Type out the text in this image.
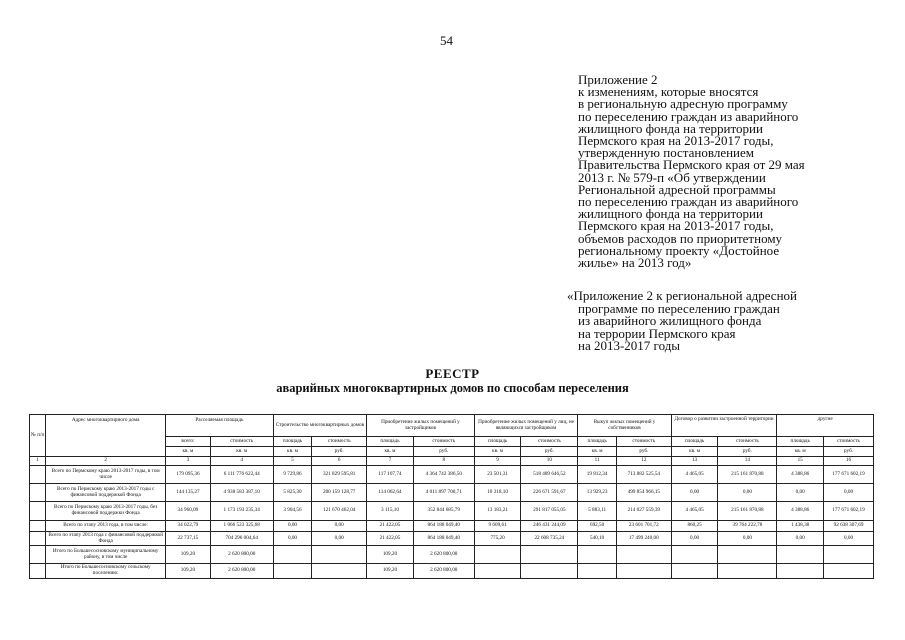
54
Приложение 2
к изменениям, которые вносятся
в региональную адресную программу
по переселению граждан из аварийного
жилищного фонда на территории
Пермского края на 2013-2017 годы,
утвержденную постановлением
Правительства Пермского края от 29 мая
2013 г. № 579-п «Об утверждении
Региональной адресной программы
по переселению граждан из аварийного
жилищного фонда на территории
Пермского края на 2013-2017 годы,
объемов расходов по приоритетному
региональному проекту «Достойное
жилье» на 2013 год»
«Приложение 2 к региональной адресной
программе по переселению граждан
из аварийного жилищного фонда
на террории Пермского края
на 2013-2017 годы
РЕЕСТР
аварийных многоквартирных домов по способам переселения
№ п/п	Адрес многоквартирного дома	Расселяемая площадь		Строительство многоквартирных домов		Приобретение жилых помещений у застройщиков		Приобретение жилых помещений у лиц, не являющихся застройщиком		Выкуп жилых помещений у собственников		Договор о развитии застроенной территории		другие	
		всего:	стоимость	площадь	стоимость	площадь	стоимость	площадь	стоимость	площадь	стоимость	площадь	стоимость	площадь	стоимость
		кв. м	кв. м	кв. м	руб.	кв. м	руб.	кв. м	руб.	кв. м	руб.	кв. м	руб.	кв. м	руб.
1	2	3	4	5	6	7	8	9	10	11	12	13	14	15	16
	Всего по Пермскому краю 2013-2017 годы, в том числе	179 095,36	6 111 776 622,44	9 729,86	321 829 595,81	117 107,74	4 364 742 386,50	23 501,31	518 489 646,52	19 812,34	713 882 525,54	4 465,05	215 161 870,88	4 388,86	177 671 602,19
	Всего по Пермскому краю 2013-2017 годы с финансовой поддержкой Фонда	144 135,27	4 938 583 387,10	5 825,30	200 159 128,77	114 062,64	4 011 897 700,71	10 318,10	226 671 591,67	13 929,23	499 854 966,15	0,00	0,00	0,00	0,00
	Всего по Пермскому краю 2013-2017 годы, без финансовой поддержки Фонда	34 960,09	1 173 193 235,34	3 904,56	121 670 462,04	3 115,10	352 844 685,79	13 183,21	291 817 055,05	5 883,11	214 027 559,39	4 465,05	215 161 870,88	4 388,86	177 671 602,19
	Всего по этапу 2013 года, в том числе:	34 022,79	1 066 523 325,68	0,00	0,00	21 422,05	864 188 049,40	9 609,61	246 431 244,09	692,50	23 601 701,72	860,25	39 764 222,78	1 438,38	92 638 307,69
	Всего по этапу 2013 года с финансовой поддержкой Фонда	22 737,15	704 296 004,64	0,00	0,00	21 422,05	864 188 049,40	775,20	22 608 735,24	540,10	17 499 240,00	0,00	0,00	0,00	0,00
	Итого по Большесосновскому муниципальному району, в том числе	109,20	2 620 800,00			109,20	2 620 800,00								
	Итого по Большесосновскому сельскому поселению:	109,20	2 620 800,00			109,20	2 620 800,00								
